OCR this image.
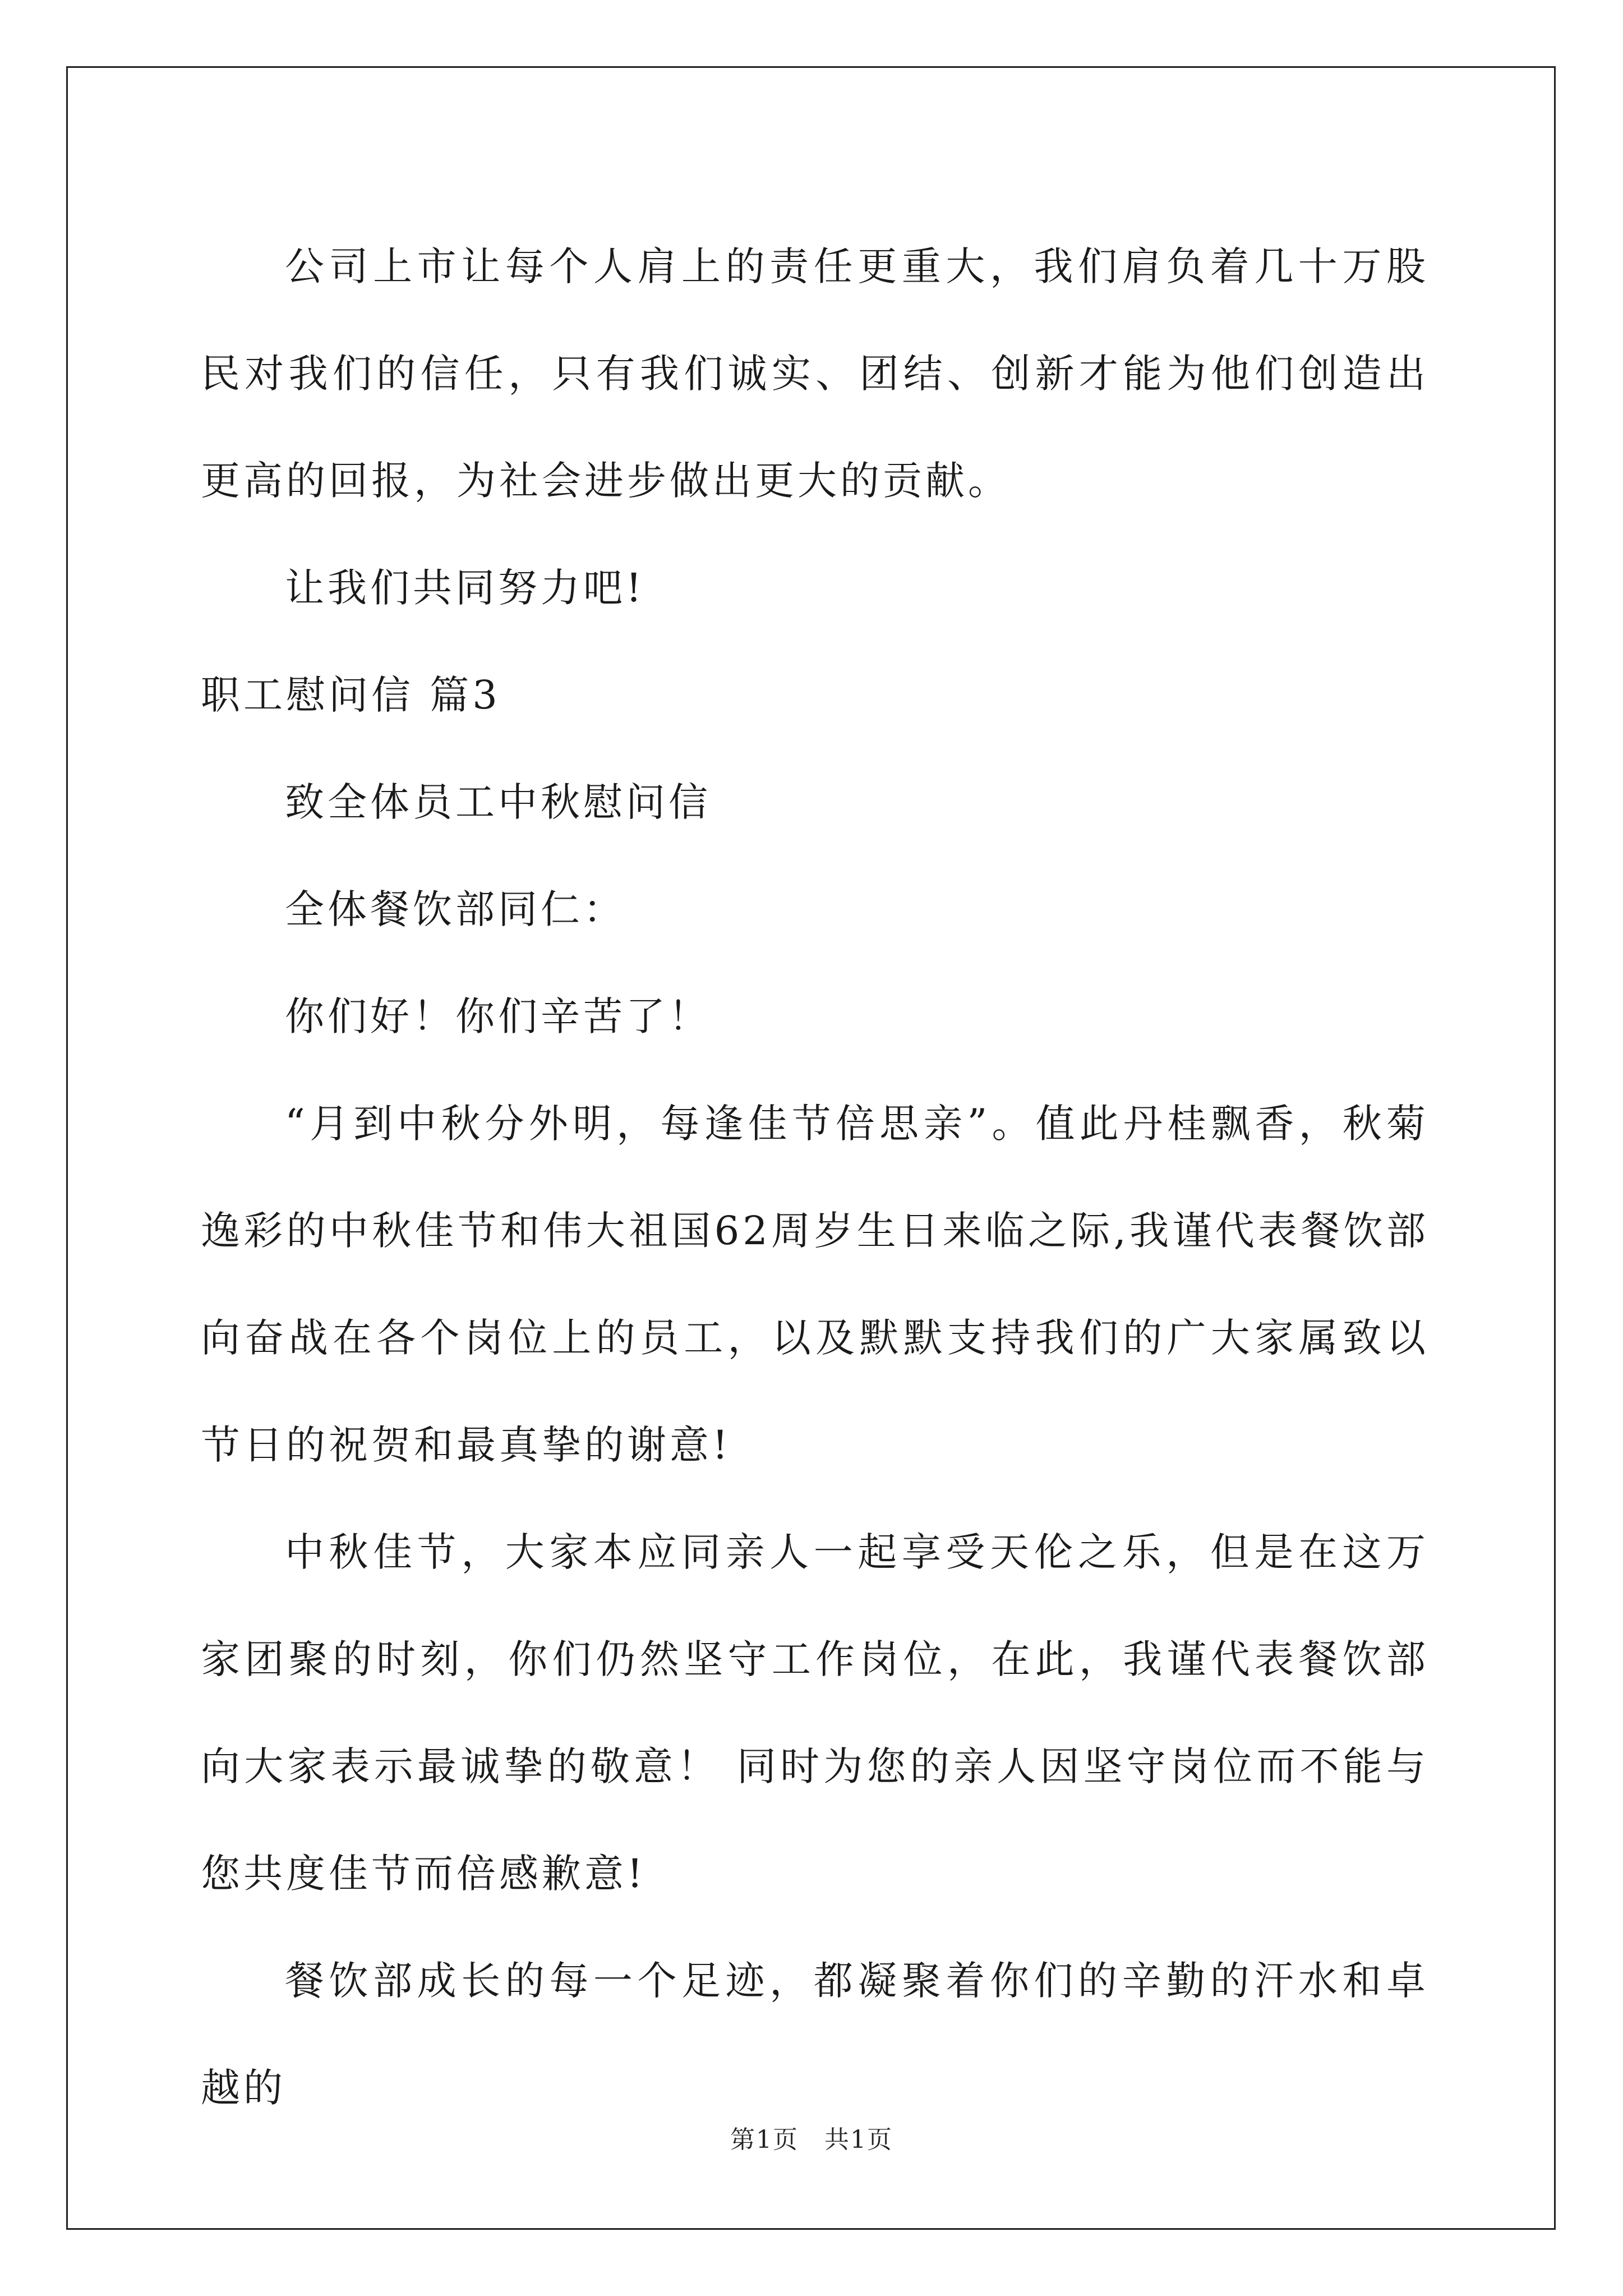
公司上市让每个人肩上的责任更重大，我们肩负着几十万股民对我们的信任，只有我们诚实、团结、创新才能为他们创造出更高的回报，为社会进步做出更大的贡献。

让我们共同努力吧!

职工慰问信 篇3

致全体员工中秋慰问信

全体餐饮部同仁：

你们好！你们辛苦了！

“月到中秋分外明，每逢佳节倍思亲”。值此丹桂飘香，秋菊逸彩的中秋佳节和伟大祖国62周岁生日来临之际,我谨代表餐饮部向奋战在各个岗位上的员工，以及默默支持我们的广大家属致以节日的祝贺和最真挚的谢意!

中秋佳节，大家本应同亲人一起享受天伦之乐，但是在这万家团聚的时刻，你们仍然坚守工作岗位，在此，我谨代表餐饮部向大家表示最诚挚的敬意！ 同时为您的亲人因坚守岗位而不能与您共度佳节而倍感歉意!

餐饮部成长的每一个足迹，都凝聚着你们的辛勤的汗水和卓越的

第1页 共1页
